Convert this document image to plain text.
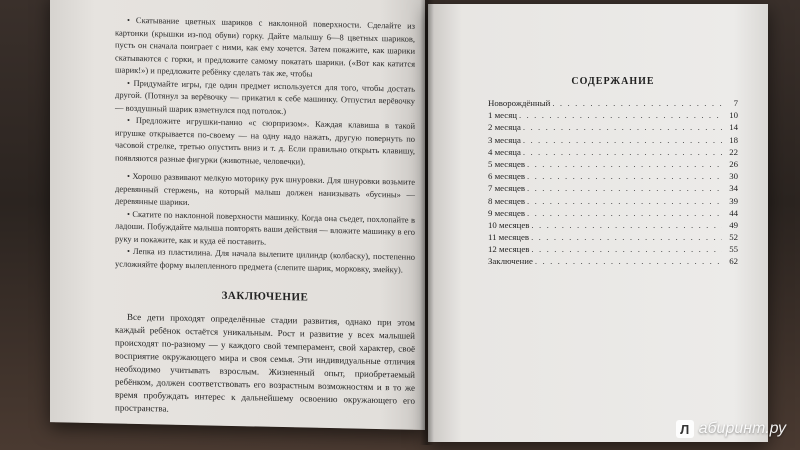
• Скатывание цветных шариков с наклонной поверхности. Сделайте из картонки (крышки из-под обуви) горку. Дайте малышу 6—8 цветных шариков, пусть он сначала поиграет с ними, как ему хочется. Затем покажите, как шарики скатываются с горки, и предложите самому покатать шарики. («Вот как катится шарик!») и предложите ребёнку сделать так же, чтобы

• Придумайте игры, где один предмет используется для того, чтобы достать другой. (Потянул за верёвочку — прикатил к себе машинку. Отпустил верёвочку — воздушный шарик взметнулся под потолок.)

• Предложите игрушки-панно «с сюрпризом». Каждая клавиша в такой игрушке открывается по-своему — на одну надо нажать, другую повернуть по часовой стрелке, третью опустить вниз и т. д. Если правильно открыть клавишу, появляются разные фигурки (животные, человечки).

• Хорошо развивают мелкую моторику рук шнуровки. Для шнуровки возьмите деревянный стержень, на который малыш должен нанизывать «бусины» — деревянные шарики.

• Скатите по наклонной поверхности машинку. Когда она съедет, похлопайте в ладоши. Побуждайте малыша повторять ваши действия — вложите машинку в его руку и покажите, как и куда её поставить.

• Лепка из пластилина. Для начала вылепите цилиндр (колбаску), постепенно усложняйте форму вылепленного предмета (слепите шарик, морковку, змейку).

ЗАКЛЮЧЕНИЕ

Все дети проходят определённые стадии развития, однако при этом каждый ребёнок остаётся уникальным. Рост и развитие у всех малышей происходят по-разному — у каждого свой темперамент, свой характер, своё восприятие окружающего мира и своя семья. Эти индивидуальные отличия необходимо учитывать взрослым. Жизненный опыт, приобретаемый ребёнком, должен соответствовать его возрастным возможностям и в то же время пробуждать интерес к дальнейшему освоению окружающего его пространства.

СОДЕРЖАНИЕ
Новорождённый . . .	7
1 месяц . . .	10
2 месяца . . .	14
3 месяца . . .	18
4 месяца . . .	22
5 месяцев . . .	26
6 месяцев . . .	30
7 месяцев . . .	34
8 месяцев . . .	39
9 месяцев . . .	44
10 месяцев . . .	49
11 месяцев . . .	52
12 месяцев . . .	55
Заключение . . .	62
Л абиринт.ру
